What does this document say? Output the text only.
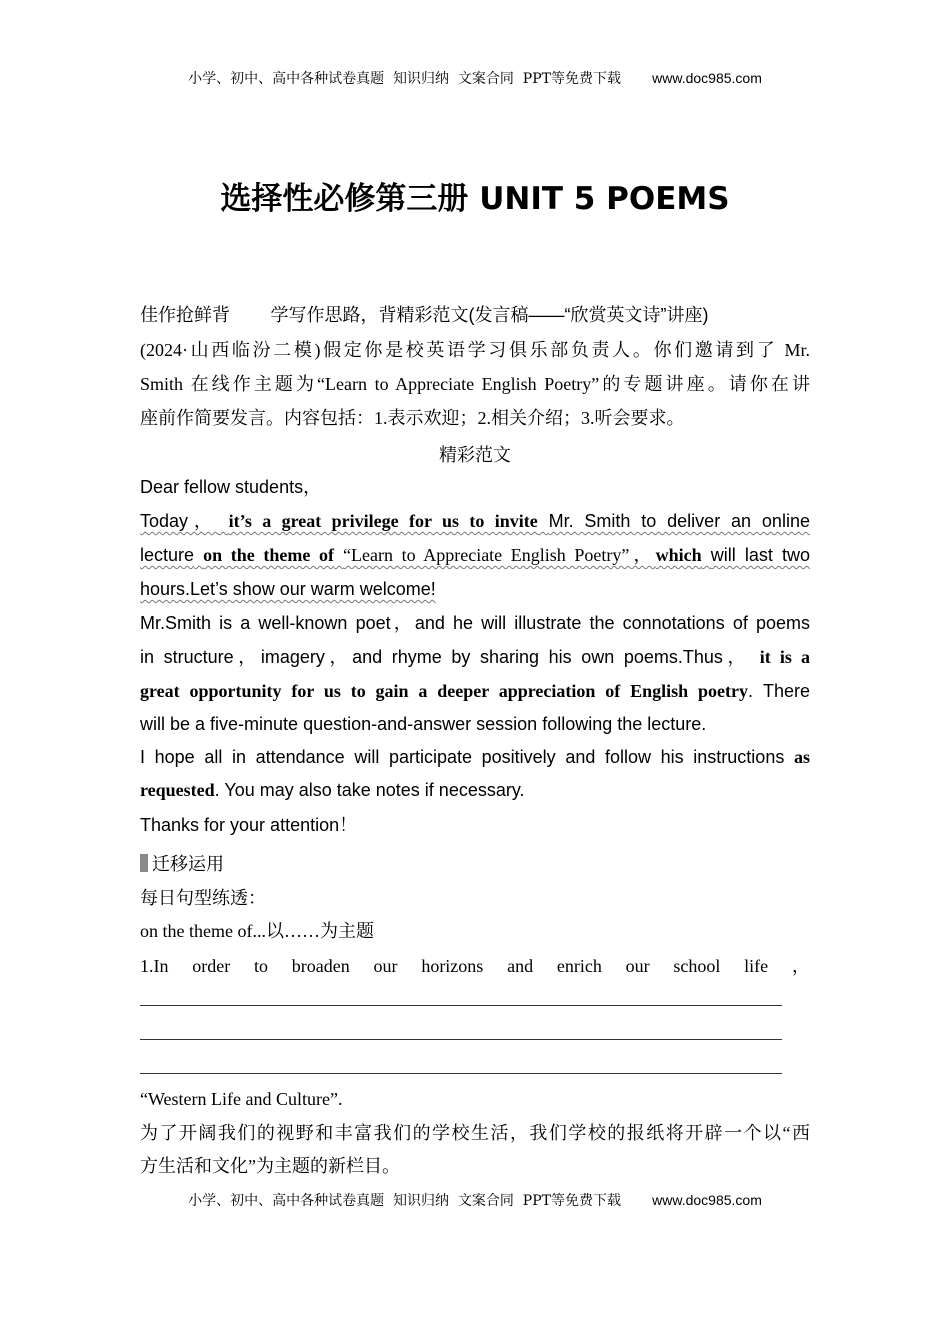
小学、初中、高中各种试卷真题  知识归纳  文案合同  PPT等免费下载 www.doc985.com
选择性必修第三册 UNIT 5 POEMS
佳作抢鲜背 学写作思路，背精彩范文(发言稿——“欣赏英文诗”讲座)
(2024·山西临汾二模)假定你是校英语学习俱乐部负责人。你们邀请到了 Mr.
Smith 在线作主题为“Learn to Appreciate English Poetry”的专题讲座。请你在讲
座前作简要发言。内容包括：1.表示欢迎；2.相关介绍；3.听会要求。
精彩范文
Dear fellow students，
Today， it’s a great privilege for us to invite Mr. Smith to deliver an online
lecture on the theme of “Learn to Appreciate English Poetry”，which will last two
hours.Let’s show our warm welcome!
Mr.Smith is a well-known poet，and he will illustrate the connotations of poems
in structure，imagery，and rhyme by sharing his own poems.Thus， it is a
great opportunity for us to gain a deeper appreciation of English poetry. There
will be a five-minute question-and-answer session following the lecture.
I hope all in attendance will participate positively and follow his instructions as
requested. You may also take notes if necessary.
Thanks for your attention！
迁移运用
每日句型练透：
on the theme of...以……为主题
1.In order to broaden our horizons and enrich our school life ，
“Western Life and Culture”.
为了开阔我们的视野和丰富我们的学校生活，我们学校的报纸将开辟一个以“西
方生活和文化”为主题的新栏目。
小学、初中、高中各种试卷真题  知识归纳  文案合同  PPT等免费下载 www.doc985.com
